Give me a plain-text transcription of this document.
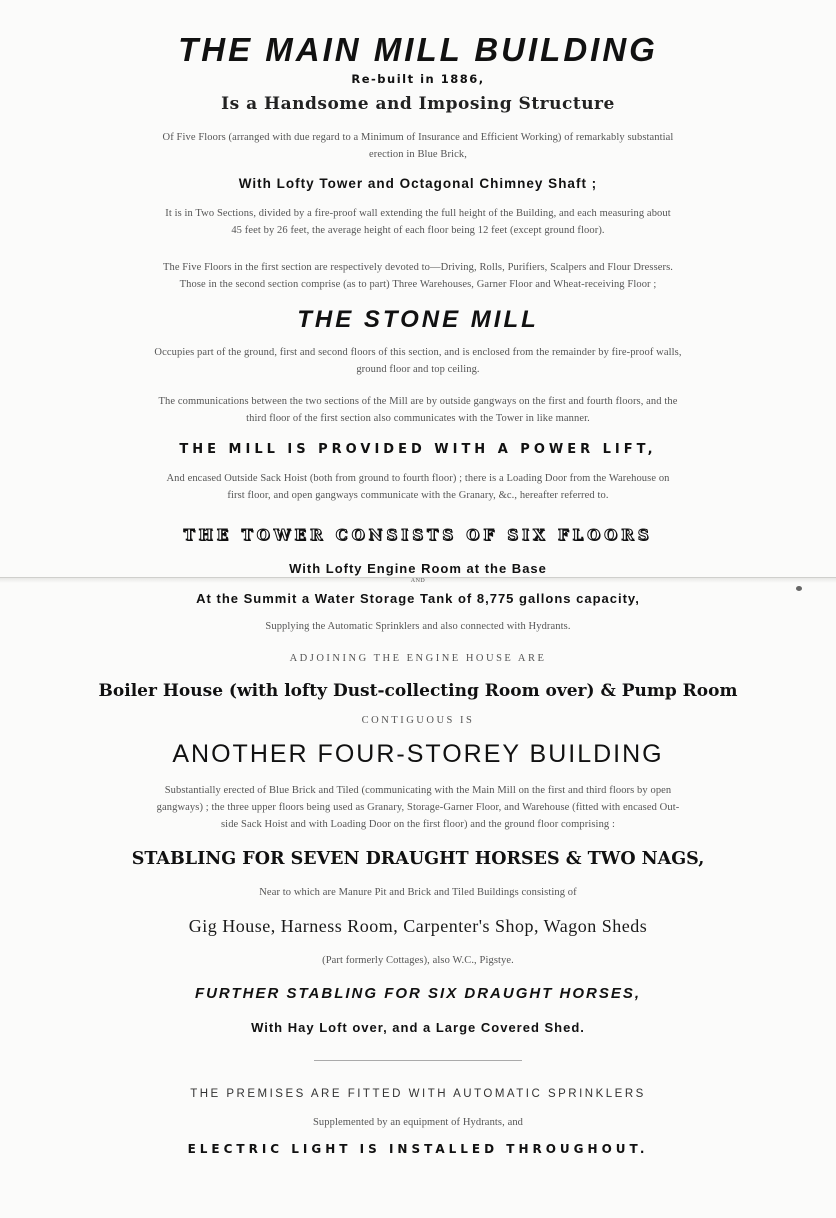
THE MAIN MILL BUILDING

Re-built in 1886,

Is a Handsome and Imposing Structure

Of Five Floors (arranged with due regard to a Minimum of Insurance and Efficient Working) of remarkably substantial

erection in Blue Brick,

With Lofty Tower and Octagonal Chimney Shaft ;

It is in Two Sections, divided by a fire-proof wall extending the full height of the Building, and each measuring about

45 feet by 26 feet, the average height of each floor being 12 feet (except ground floor).

The Five Floors in the first section are respectively devoted to—Driving, Rolls, Purifiers, Scalpers and Flour Dressers.

Those in the second section comprise (as to part) Three Warehouses, Garner Floor and Wheat-receiving Floor ;

THE STONE MILL

Occupies part of the ground, first and second floors of this section, and is enclosed from the remainder by fire-proof walls,

ground floor and top ceiling.

The communications between the two sections of the Mill are by outside gangways on the first and fourth floors, and the

third floor of the first section also communicates with the Tower in like manner.

THE MILL IS PROVIDED WITH A POWER LIFT,

And encased Outside Sack Hoist (both from ground to fourth floor) ; there is a Loading Door from the Warehouse on

first floor, and open gangways communicate with the Granary, &c., hereafter referred to.

THE TOWER CONSISTS OF SIX FLOORS

With Lofty Engine Room at the Base

AND

At the Summit a Water Storage Tank of 8,775 gallons capacity,

Supplying the Automatic Sprinklers and also connected with Hydrants.

ADJOINING THE ENGINE HOUSE ARE

Boiler House (with lofty Dust-collecting Room over) & Pump Room

CONTIGUOUS IS

ANOTHER FOUR-STOREY BUILDING

Substantially erected of Blue Brick and Tiled (communicating with the Main Mill on the first and third floors by open

gangways) ; the three upper floors being used as Granary, Storage-Garner Floor, and Warehouse (fitted with encased Out-

side Sack Hoist and with Loading Door on the first floor) and the ground floor comprising :

STABLING FOR SEVEN DRAUGHT HORSES & TWO NAGS,

Near to which are Manure Pit and Brick and Tiled Buildings consisting of

Gig House, Harness Room, Carpenter's Shop, Wagon Sheds

(Part formerly Cottages), also W.C., Pigstye.

FURTHER STABLING FOR SIX DRAUGHT HORSES,

With Hay Loft over, and a Large Covered Shed.

THE PREMISES ARE FITTED WITH AUTOMATIC SPRINKLERS

Supplemented by an equipment of Hydrants, and

ELECTRIC LIGHT IS INSTALLED THROUGHOUT.
